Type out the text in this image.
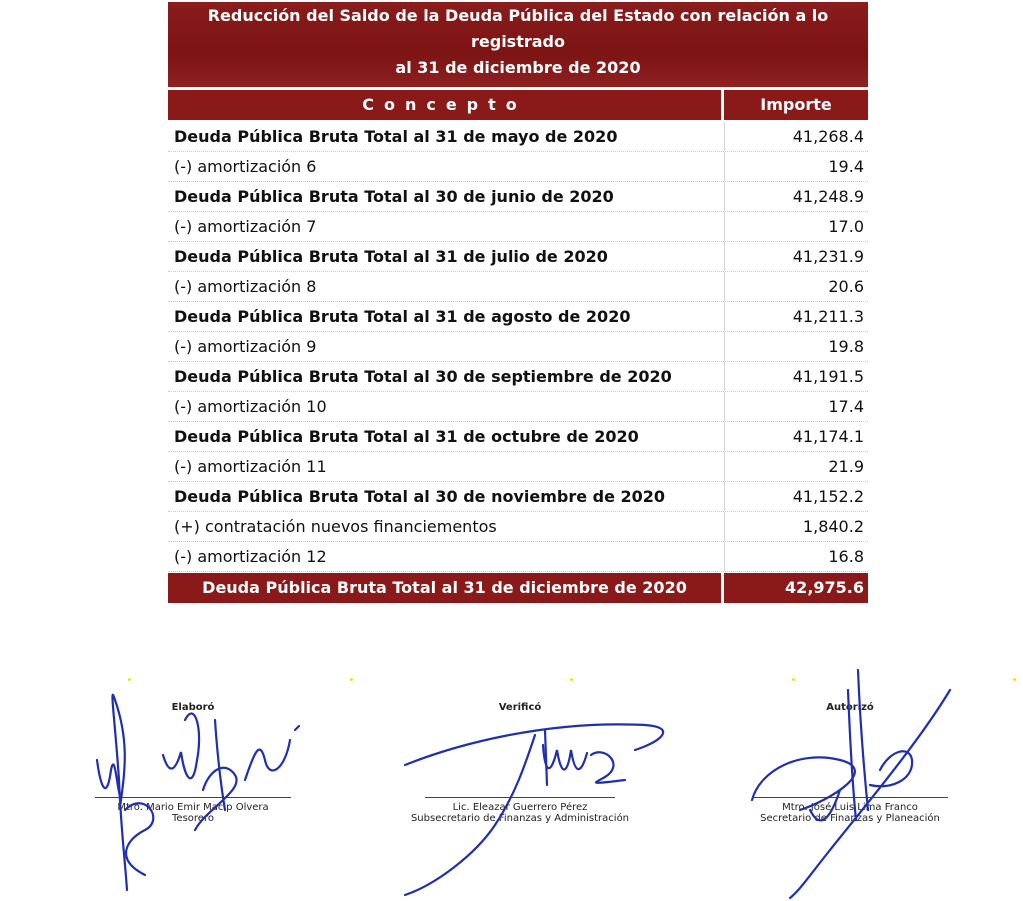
Reducción del Saldo de la Deuda Pública del Estado con relación a lo registrado
al 31 de diciembre de 2020
Concepto	Importe
Deuda Pública Bruta Total al 31 de mayo de 2020	41,268.4
(-) amortización 6	19.4
Deuda Pública Bruta Total al 30 de junio de 2020	41,248.9
(-) amortización 7	17.0
Deuda Pública Bruta Total al 31 de julio de 2020	41,231.9
(-) amortización 8	20.6
Deuda Pública Bruta Total al 31 de agosto de 2020	41,211.3
(-) amortización 9	19.8
Deuda Pública Bruta Total al 30 de septiembre de 2020	41,191.5
(-) amortización 10	17.4
Deuda Pública Bruta Total al 31 de octubre de 2020	41,174.1
(-) amortización 11	21.9
Deuda Pública Bruta Total al 30 de noviembre de 2020	41,152.2
(+) contratación nuevos financiementos	1,840.2
(-) amortización 12	16.8
Deuda Pública Bruta Total al 31 de diciembre de 2020	42,975.6
Elaboró
Mtro. Mario Emir Macip Olvera
Tesorero
Verificó
Lic. Eleazar Guerrero Pérez
Subsecretario de Finanzas y Administración
Autorizó
Mtro. José Luis Lima Franco
Secretario de Finanzas y Planeación
